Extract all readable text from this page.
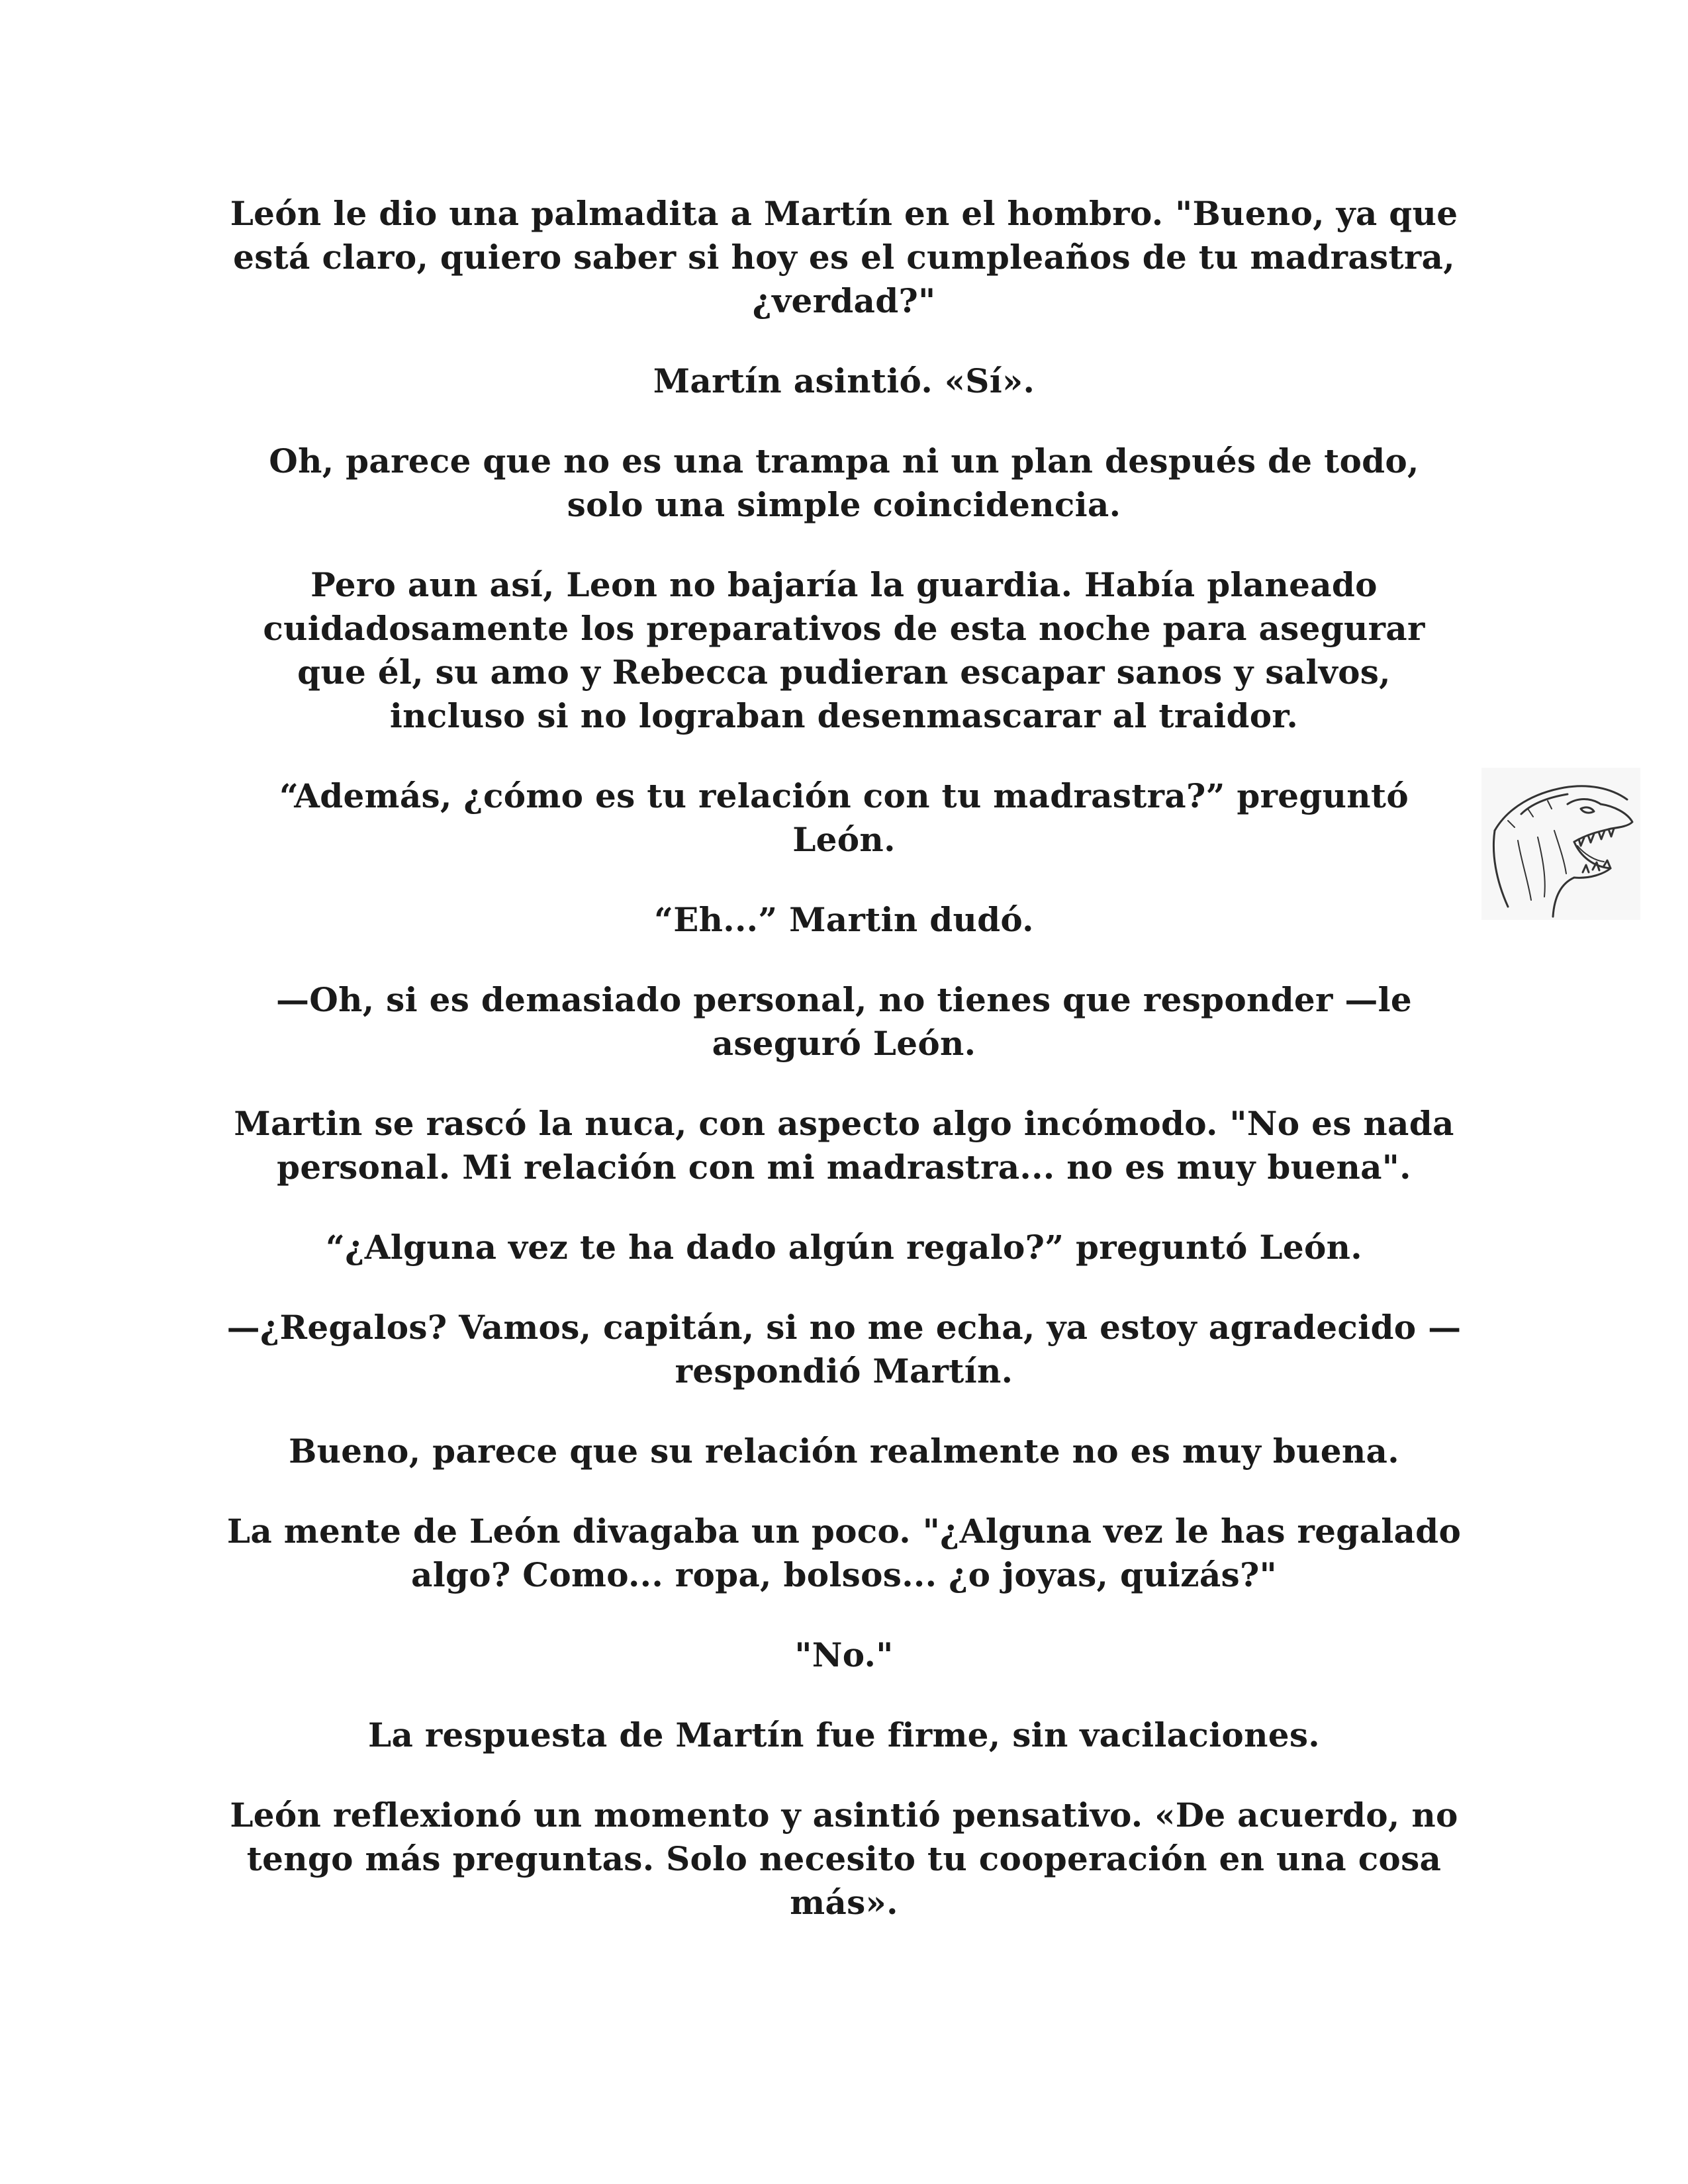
León le dio una palmadita a Martín en el hombro. "Bueno, ya que está claro, quiero saber si hoy es el cumpleaños de tu madrastra, ¿verdad?"

Martín asintió. «Sí».

Oh, parece que no es una trampa ni un plan después de todo, solo una simple coincidencia.

Pero aun así, Leon no bajaría la guardia. Había planeado cuidadosamente los preparativos de esta noche para asegurar que él, su amo y Rebecca pudieran escapar sanos y salvos, incluso si no lograban desenmascarar al traidor.

“Además, ¿cómo es tu relación con tu madrastra?” preguntó León.

“Eh...” Martin dudó.

—Oh, si es demasiado personal, no tienes que responder —le aseguró León.

Martin se rascó la nuca, con aspecto algo incómodo. "No es nada personal. Mi relación con mi madrastra... no es muy buena".

“¿Alguna vez te ha dado algún regalo?” preguntó León.

—¿Regalos? Vamos, capitán, si no me echa, ya estoy agradecido —respondió Martín.

Bueno, parece que su relación realmente no es muy buena.

La mente de León divagaba un poco. "¿Alguna vez le has regalado algo? Como... ropa, bolsos... ¿o joyas, quizás?"

"No."

La respuesta de Martín fue firme, sin vacilaciones.

León reflexionó un momento y asintió pensativo. «De acuerdo, no tengo más preguntas. Solo necesito tu cooperación en una cosa más».
